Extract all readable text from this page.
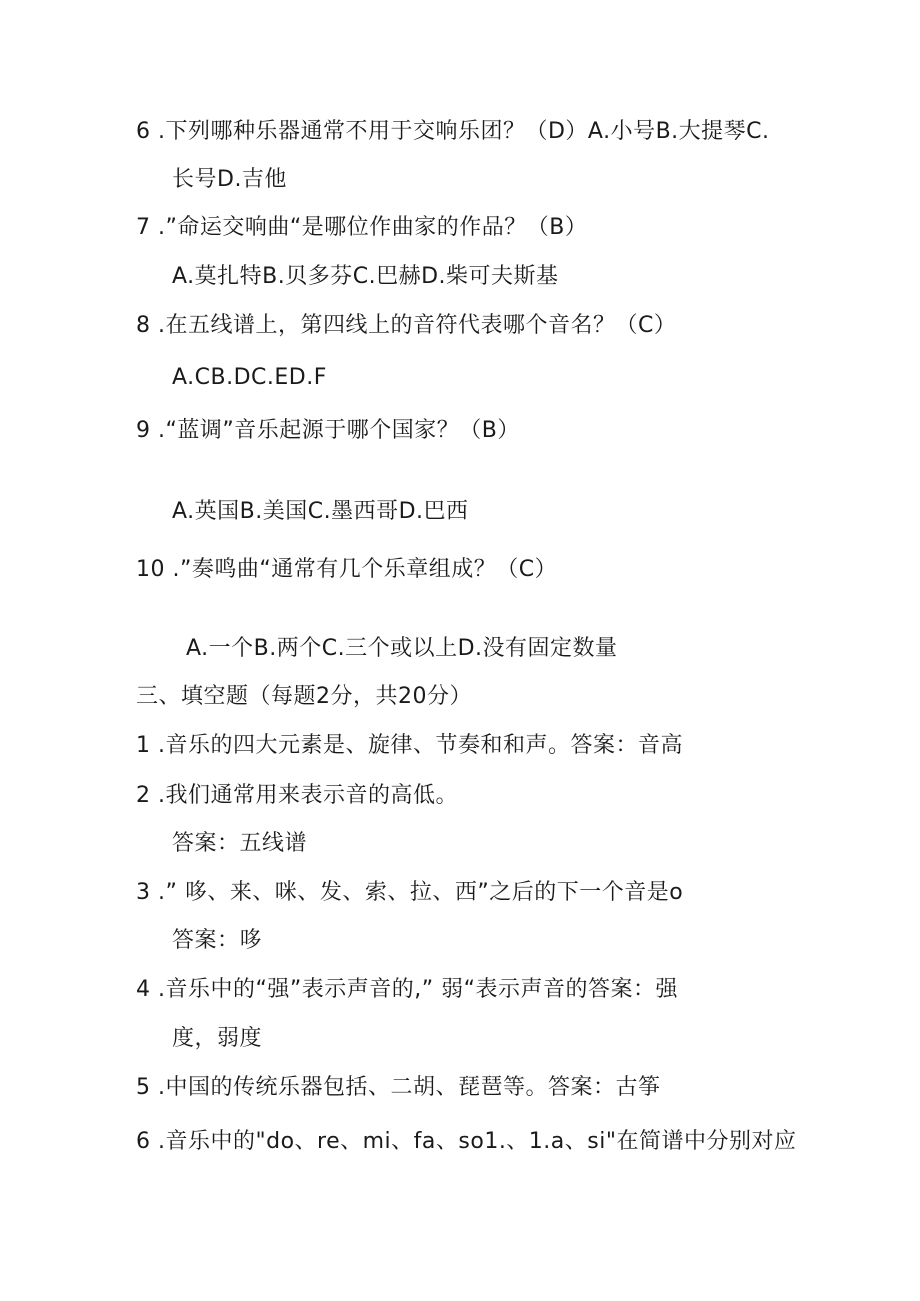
6 .下列哪种乐器通常不用于交响乐团？（D）A.小号B.大提琴C.
长号D.吉他
7 .”命运交响曲“是哪位作曲家的作品？（B）
A.莫扎特B.贝多芬C.巴赫D.柴可夫斯基
8 .在五线谱上，第四线上的音符代表哪个音名？（C）
A.CB.DC.ED.F
9 .“蓝调”音乐起源于哪个国家？（B）
A.英国B.美国C.墨西哥D.巴西
10 .”奏鸣曲“通常有几个乐章组成？（C）
A.一个B.两个C.三个或以上D.没有固定数量
三、填空题（每题2分，共20分）
1 .音乐的四大元素是、旋律、节奏和和声。答案：音高
2 .我们通常用来表示音的高低。
答案：五线谱
3 .” 哆、来、咪、发、索、拉、西”之后的下一个音是o
答案：哆
4 .音乐中的“强”表示声音的,” 弱“表示声音的答案：强
度，弱度
5 .中国的传统乐器包括、二胡、琵琶等。答案：古筝
6 .音乐中的"do、re、mi、fa、so1.、1.a、si"在简谱中分别对应
